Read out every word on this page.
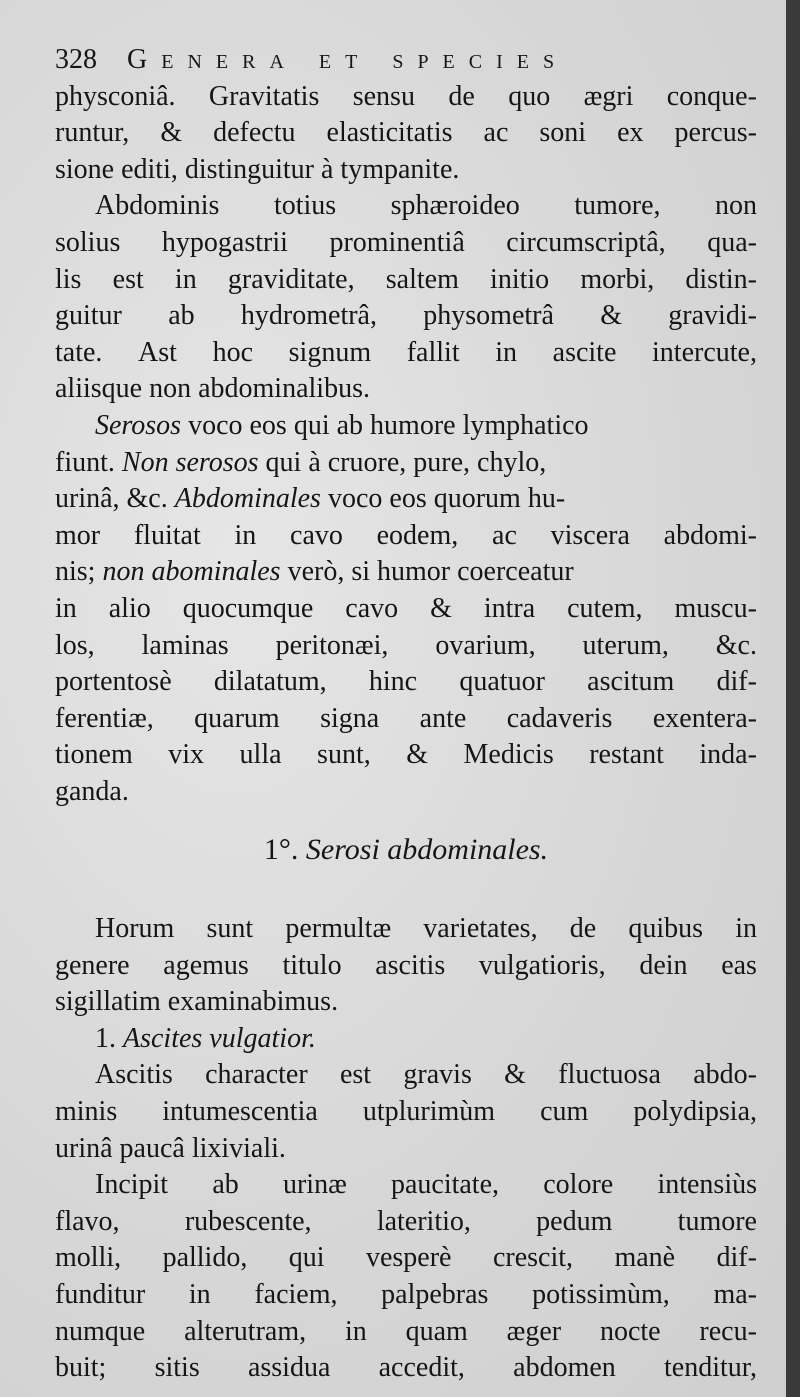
328 Genera et species
physconiâ. Gravitatis sensu de quo ægri conque-
runtur, & defectu elasticitatis ac soni ex percus-
sione editi, distinguitur à tympanite.
Abdominis totius sphæroideo tumore, non
solius hypogastrii prominentiâ circumscriptâ, qua-
lis est in graviditate, saltem initio morbi, distin-
guitur ab hydrometrâ, physometrâ & gravidi-
tate. Ast hoc signum fallit in ascite intercute,
aliisque non abdominalibus.
Serosos voco eos qui ab humore lymphatico
fiunt. Non serosos qui à cruore, pure, chylo,
urinâ, &c. Abdominales voco eos quorum hu-
mor fluitat in cavo eodem, ac viscera abdomi-
nis; non abominales verò, si humor coerceatur
in alio quocumque cavo & intra cutem, muscu-
los, laminas peritonæi, ovarium, uterum, &c.
portentosè dilatatum, hinc quatuor ascitum dif-
ferentiæ, quarum signa ante cadaveris exentera-
tionem vix ulla sunt, & Medicis restant inda-
ganda.
1°. Serosi abdominales.
Horum sunt permultæ varietates, de quibus in
genere agemus titulo ascitis vulgatioris, dein eas
sigillatim examinabimus.
1.
Ascites vulgatior.
Ascitis character est gravis & fluctuosa abdo-
minis intumescentia utplurimùm cum polydipsia,
urinâ paucâ lixiviali.
Incipit ab urinæ paucitate, colore intensiùs
flavo, rubescente, lateritio, pedum tumore
molli, pallido, qui vesperè crescit, manè dif-
funditur in faciem, palpebras potissimùm, ma-
numque alterutram, in quam æger nocte recu-
buit; sitis assidua accedit, abdomen tenditur,
